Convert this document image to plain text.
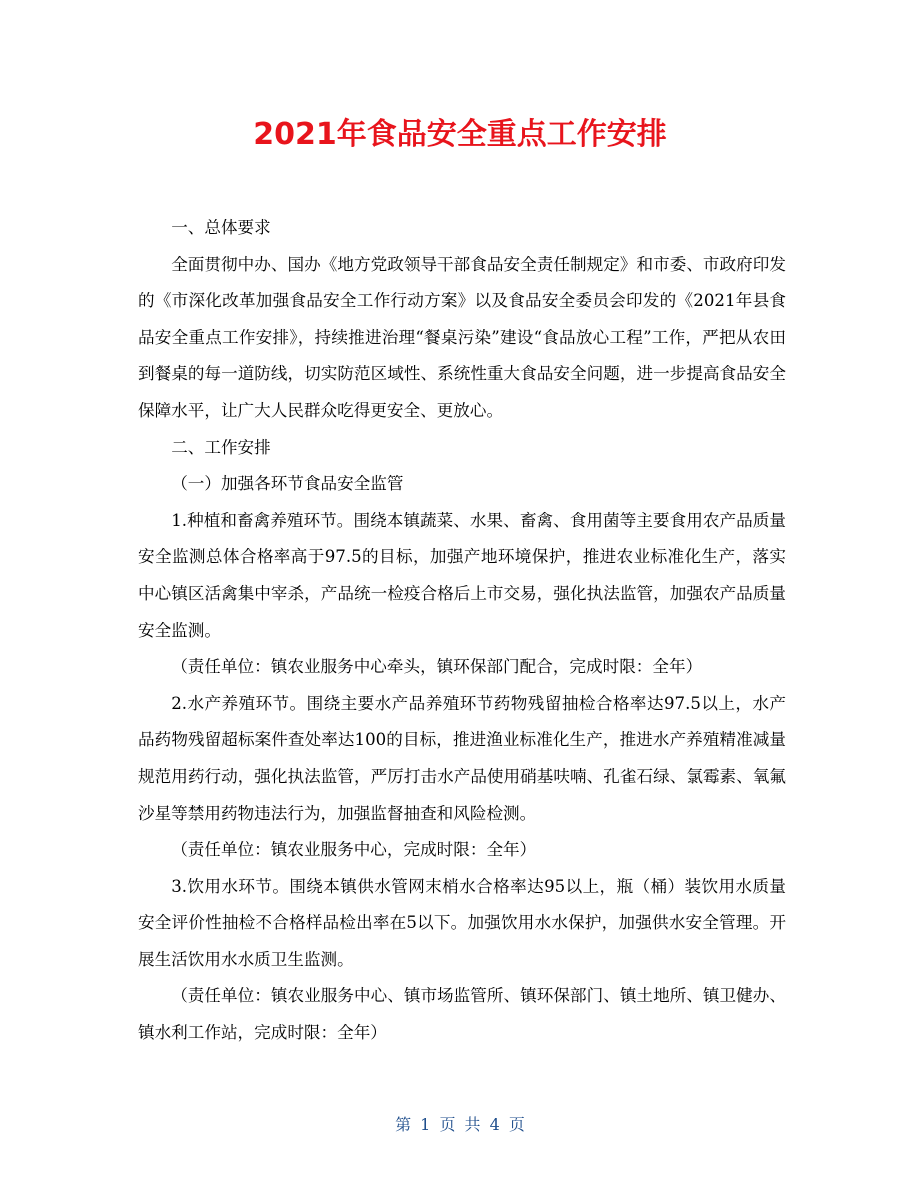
2021年食品安全重点工作安排

一、总体要求

全面贯彻中办、国办《地方党政领导干部食品安全责任制规定》和市委、市政府印发的《市深化改革加强食品安全工作行动方案》以及食品安全委员会印发的《2021年县食品安全重点工作安排》，持续推进治理“餐桌污染”建设“食品放心工程”工作，严把从农田到餐桌的每一道防线，切实防范区域性、系统性重大食品安全问题，进一步提高食品安全保障水平，让广大人民群众吃得更安全、更放心。

二、工作安排

（一）加强各环节食品安全监管

1.种植和畜禽养殖环节。围绕本镇蔬菜、水果、畜禽、食用菌等主要食用农产品质量安全监测总体合格率高于97.5的目标，加强产地环境保护，推进农业标准化生产，落实中心镇区活禽集中宰杀，产品统一检疫合格后上市交易，强化执法监管，加强农产品质量安全监测。

（责任单位：镇农业服务中心牵头，镇环保部门配合，完成时限：全年）

2.水产养殖环节。围绕主要水产品养殖环节药物残留抽检合格率达97.5以上，水产品药物残留超标案件查处率达100的目标，推进渔业标准化生产，推进水产养殖精准减量规范用药行动，强化执法监管，严厉打击水产品使用硝基呋喃、孔雀石绿、氯霉素、氧氟沙星等禁用药物违法行为，加强监督抽查和风险检测。

（责任单位：镇农业服务中心，完成时限：全年）

3.饮用水环节。围绕本镇供水管网末梢水合格率达95以上，瓶（桶）装饮用水质量安全评价性抽检不合格样品检出率在5以下。加强饮用水水保护，加强供水安全管理。开展生活饮用水水质卫生监测。

（责任单位：镇农业服务中心、镇市场监管所、镇环保部门、镇土地所、镇卫健办、镇水利工作站，完成时限：全年）

第 1 页 共 4 页
